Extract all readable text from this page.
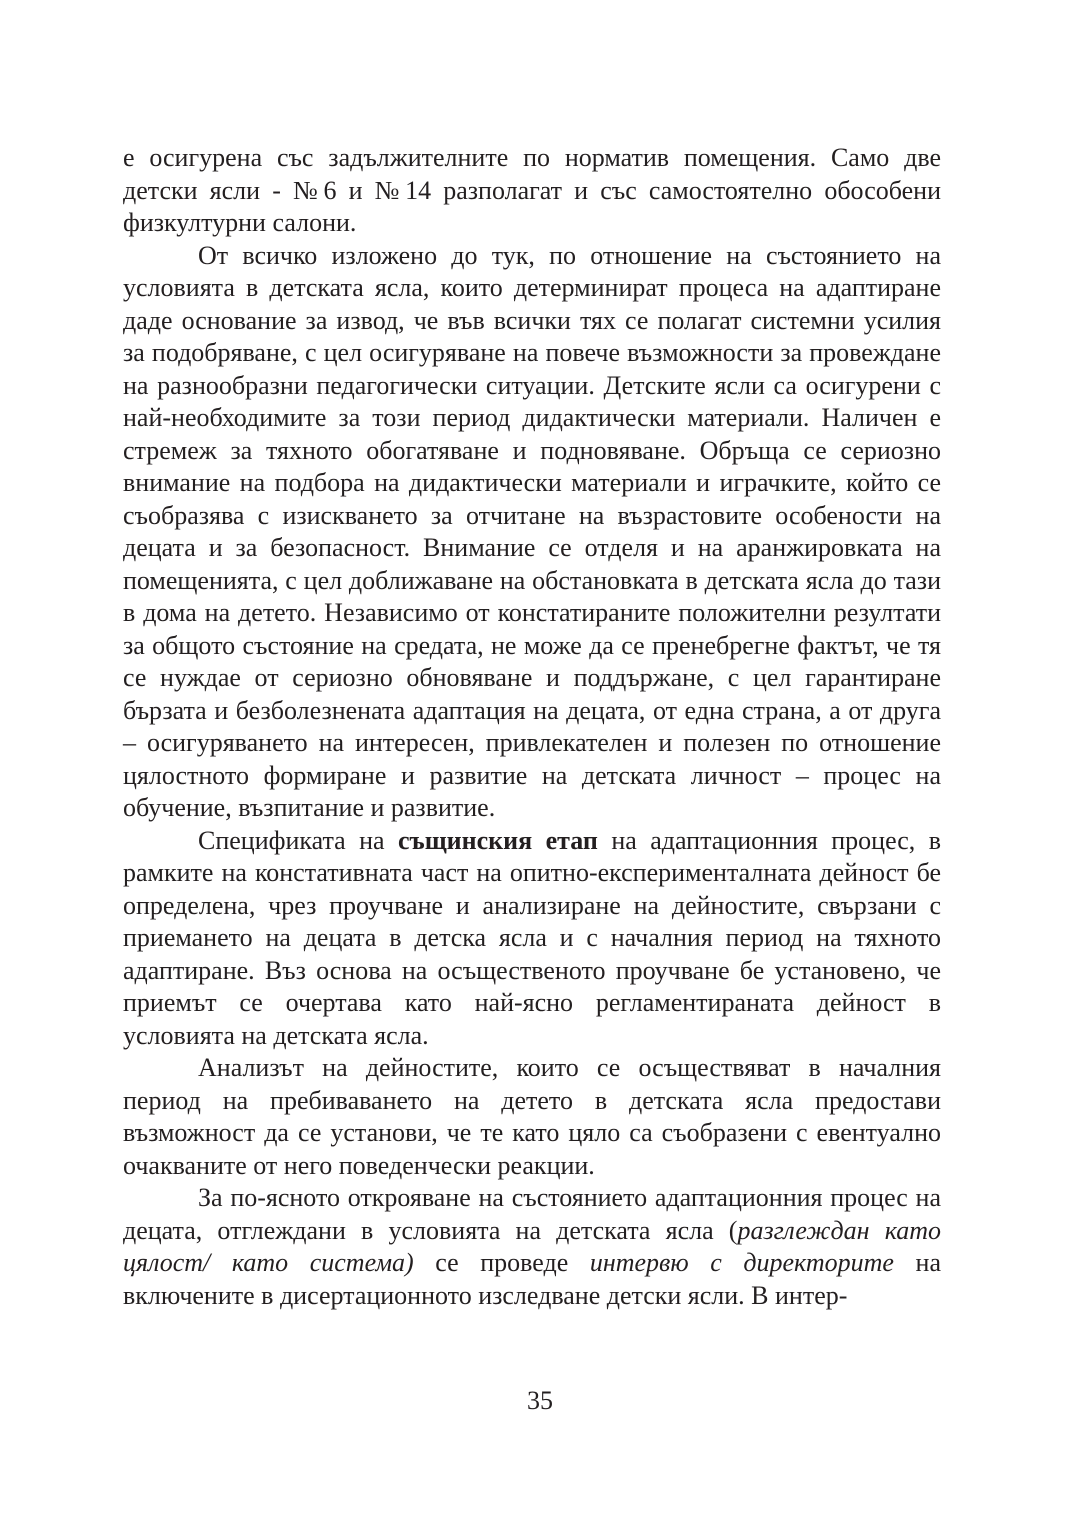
е осигурена със задължителните по норматив помещения. Само две детски ясли - №6 и №14 разполагат и със самостоятелно обособени физкултурни салони.

От всичко изложено до тук, по отношение на състоянието на условията в детската ясла, които детерминират процеса на адаптиране даде основание за извод, че във всички тях се полагат системни усилия за подобряване, с цел осигуряване на повече възможности за провеждане на разнообразни педагогически ситуации. Детските ясли са осигурени с най-необходимите за този период дидактически материали. Наличен е стремеж за тяхното обогатяване и подновяване. Обръща се сериозно внимание на подбора на дидактически материали и играчките, който се съобразява с изискването за отчитане на възрастовите особености на децата и за безопасност. Внимание се отделя и на аранжировката на помещенията, с цел доближаване на обстановката в детската ясла до тази в дома на детето. Независимо от констатираните положителни резултати за общото състояние на средата, не може да се пренебрегне фактът, че тя се нуждае от сериозно обновяване и поддържане, с цел гарантиране бързата и безболезнената адаптация на децата, от една страна, а от друга – осигуряването на интересен, привлекателен и полезен по отношение цялостното формиране и развитие на детската личност – процес на обучение, възпитание и развитие.

Спецификата на същинския етап на адаптационния процес, в рамките на констативната част на опитно-експерименталната дейност бе определена, чрез проучване и анализиране на дейностите, свързани с приемането на децата в детска ясла и с началния период на тяхното адаптиране. Въз основа на осъщественото проучване бе установено, че приемът се очертава като най-ясно регламентираната дейност в условията на детската ясла.

Анализът на дейностите, които се осъществяват в началния период на пребиваването на детето в детската ясла предостави възможност да се установи, че те като цяло са съобразени с евентуално очакваните от него поведенчески реакции.

За по-ясното открояване на състоянието адаптационния процес на децата, отглеждани в условията на детската ясла (разглеждан като цялост/ като система) се проведе интервю с директорите на включените в дисертационното изследване детски ясли. В интер-

35
